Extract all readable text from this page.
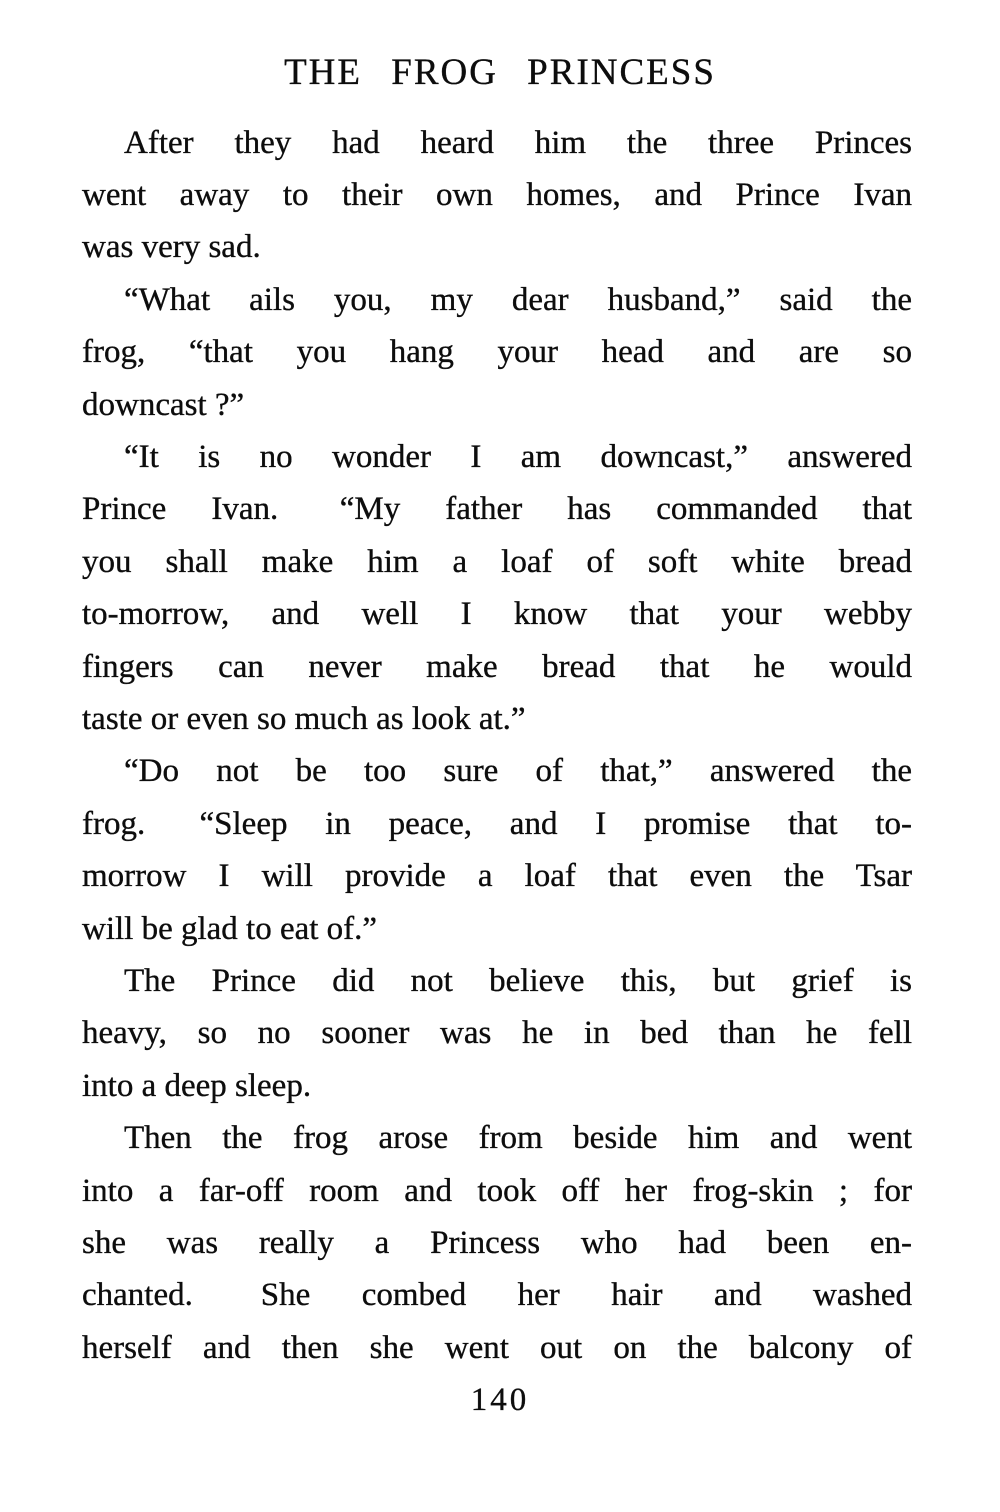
THE FROG PRINCESS
After they had heard him the three Princes
went away to their own homes, and Prince Ivan
was very sad.
“What ails you, my dear husband,” said the
frog, “that you hang your head and are so
downcast ?”
“It is no wonder I am downcast,” answered
Prince Ivan.  “My father has commanded that
you shall make him a loaf of soft white bread
to-morrow, and well I know that your webby
fingers can never make bread that he would
taste or even so much as look at.”
“Do not be too sure of that,” answered the
frog.  “Sleep in peace, and I promise that to-
morrow I will provide a loaf that even the Tsar
will be glad to eat of.”
The Prince did not believe this, but grief is
heavy, so no sooner was he in bed than he fell
into a deep sleep.
Then the frog arose from beside him and went
into a far-off room and took off her frog-skin ; for
she was really a Princess who had been en-
chanted.  She combed her hair and washed
herself and then she went out on the balcony of
140
